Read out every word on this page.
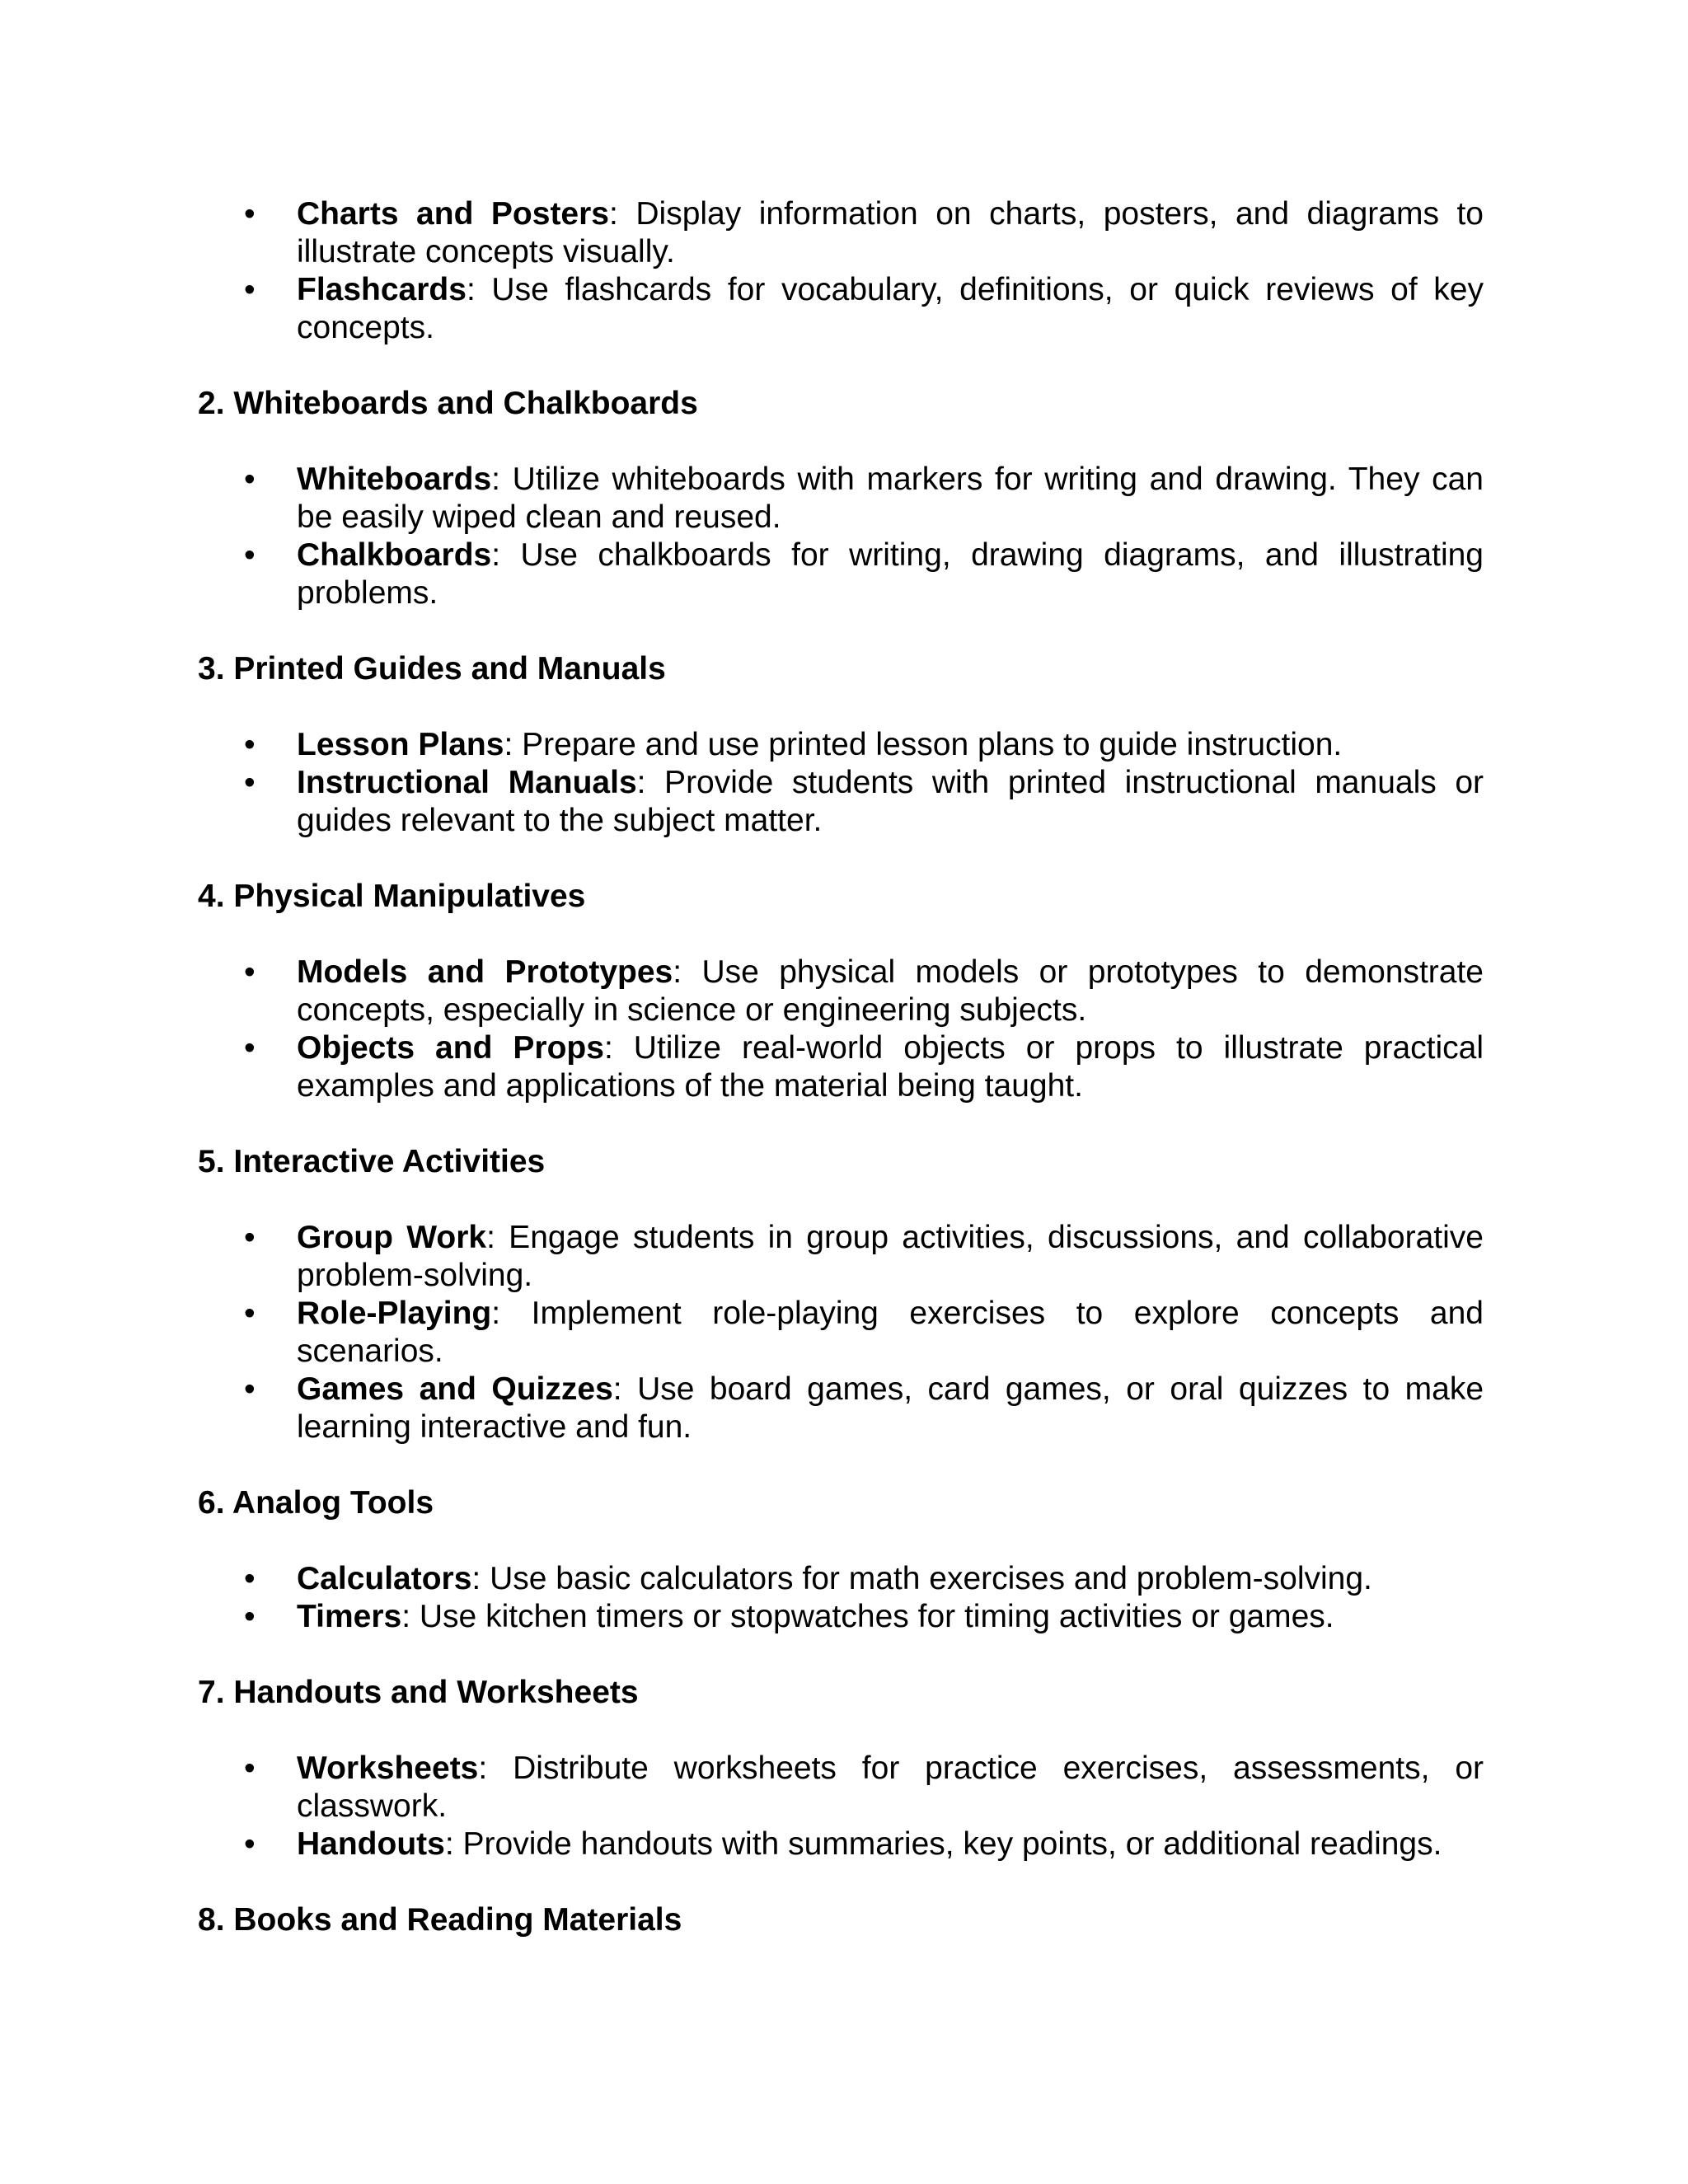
• Charts and Posters: Display information on charts, posters, and diagrams to illustrate concepts visually.
• Flashcards: Use flashcards for vocabulary, definitions, or quick reviews of key concepts.
2. Whiteboards and Chalkboards
• Whiteboards: Utilize whiteboards with markers for writing and drawing. They can be easily wiped clean and reused.
• Chalkboards: Use chalkboards for writing, drawing diagrams, and illustrating problems.
3. Printed Guides and Manuals
• Lesson Plans: Prepare and use printed lesson plans to guide instruction.
• Instructional Manuals: Provide students with printed instructional manuals or guides relevant to the subject matter.
4. Physical Manipulatives
• Models and Prototypes: Use physical models or prototypes to demonstrate concepts, especially in science or engineering subjects.
• Objects and Props: Utilize real-world objects or props to illustrate practical examples and applications of the material being taught.
5. Interactive Activities
• Group Work: Engage students in group activities, discussions, and collaborative problem-solving.
• Role-Playing: Implement role-playing exercises to explore concepts and scenarios.
• Games and Quizzes: Use board games, card games, or oral quizzes to make learning interactive and fun.
6. Analog Tools
• Calculators: Use basic calculators for math exercises and problem-solving.
• Timers: Use kitchen timers or stopwatches for timing activities or games.
7. Handouts and Worksheets
• Worksheets: Distribute worksheets for practice exercises, assessments, or classwork.
• Handouts: Provide handouts with summaries, key points, or additional readings.
8. Books and Reading Materials
